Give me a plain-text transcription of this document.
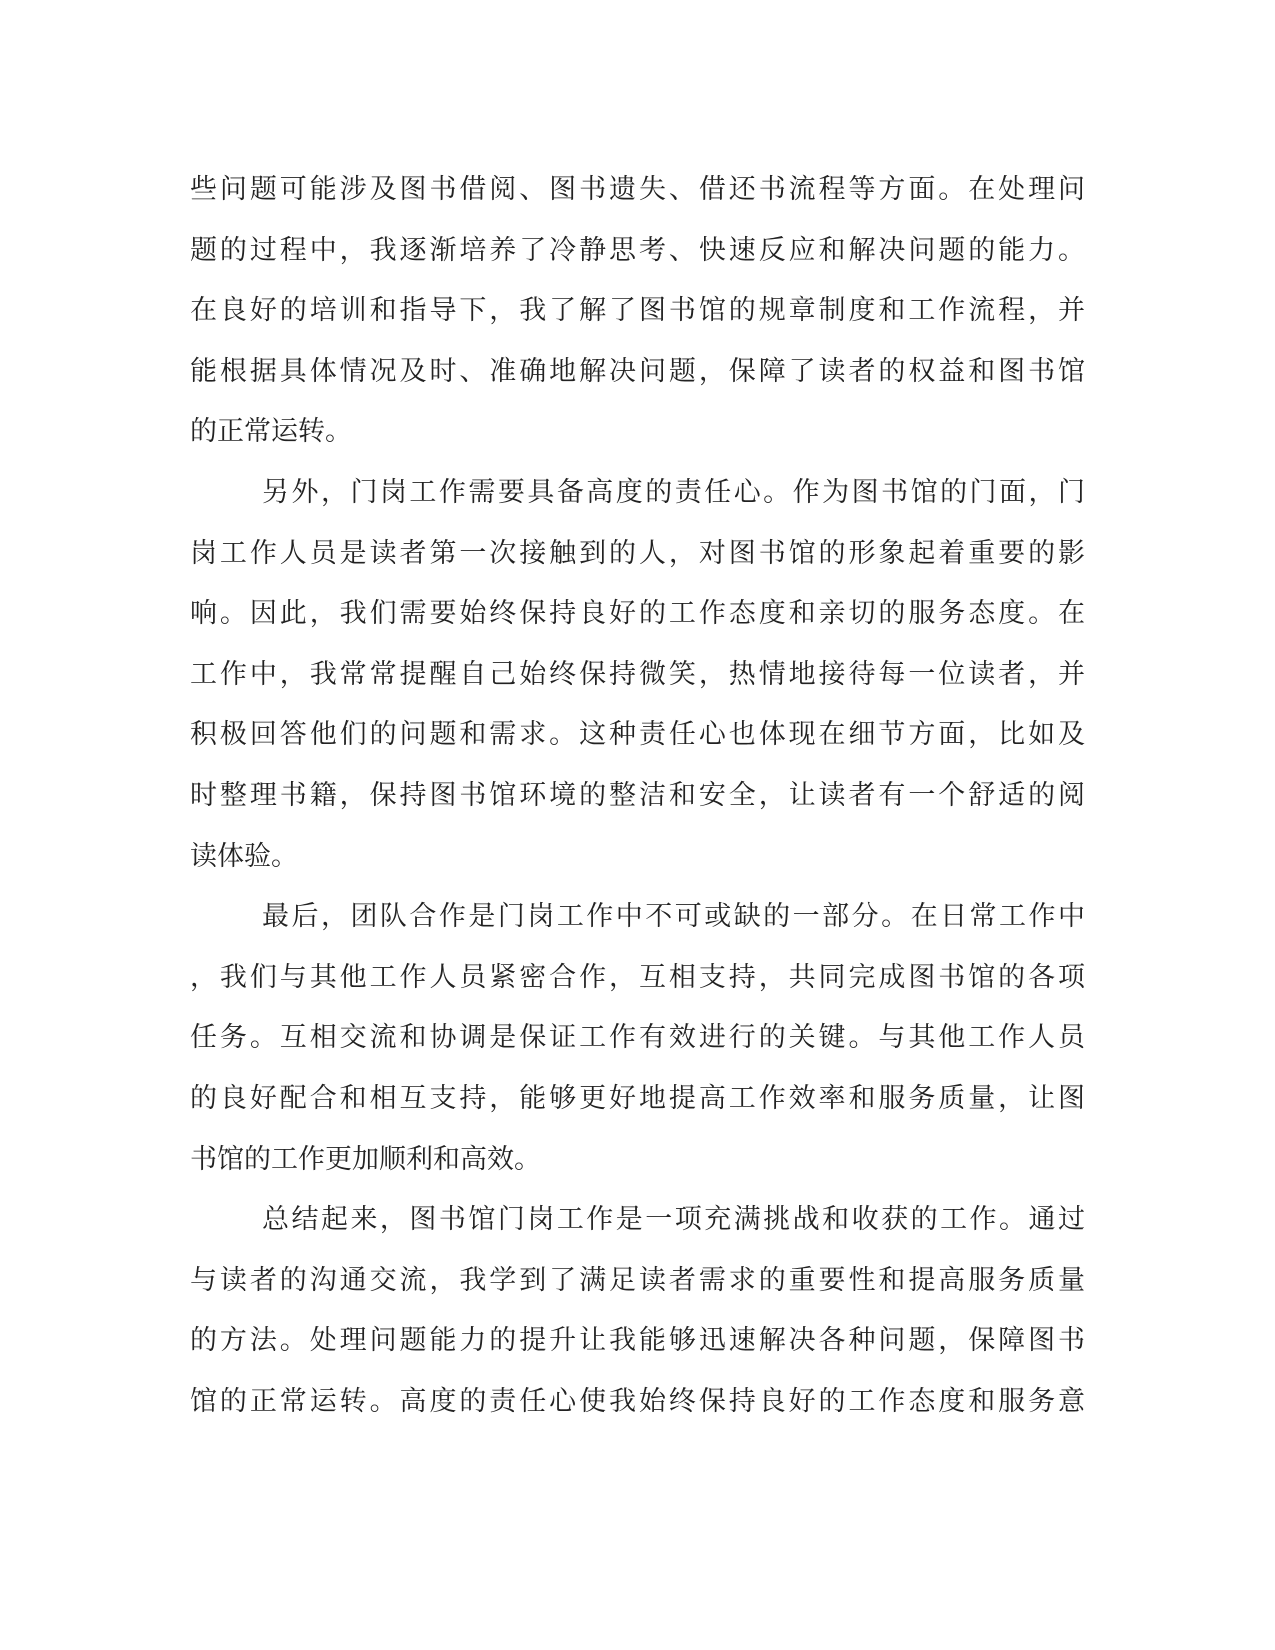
些问题可能涉及图书借阅、图书遗失、借还书流程等方面。在处理问
题的过程中，我逐渐培养了冷静思考、快速反应和解决问题的能力。
在良好的培训和指导下，我了解了图书馆的规章制度和工作流程，并
能根据具体情况及时、准确地解决问题，保障了读者的权益和图书馆
的正常运转。
另外，门岗工作需要具备高度的责任心。作为图书馆的门面，门
岗工作人员是读者第一次接触到的人，对图书馆的形象起着重要的影
响。因此，我们需要始终保持良好的工作态度和亲切的服务态度。在
工作中，我常常提醒自己始终保持微笑，热情地接待每一位读者，并
积极回答他们的问题和需求。这种责任心也体现在细节方面，比如及
时整理书籍，保持图书馆环境的整洁和安全，让读者有一个舒适的阅
读体验。
最后，团队合作是门岗工作中不可或缺的一部分。在日常工作中
，我们与其他工作人员紧密合作，互相支持，共同完成图书馆的各项
任务。互相交流和协调是保证工作有效进行的关键。与其他工作人员
的良好配合和相互支持，能够更好地提高工作效率和服务质量，让图
书馆的工作更加顺利和高效。
总结起来，图书馆门岗工作是一项充满挑战和收获的工作。通过
与读者的沟通交流，我学到了满足读者需求的重要性和提高服务质量
的方法。处理问题能力的提升让我能够迅速解决各种问题，保障图书
馆的正常运转。高度的责任心使我始终保持良好的工作态度和服务意
